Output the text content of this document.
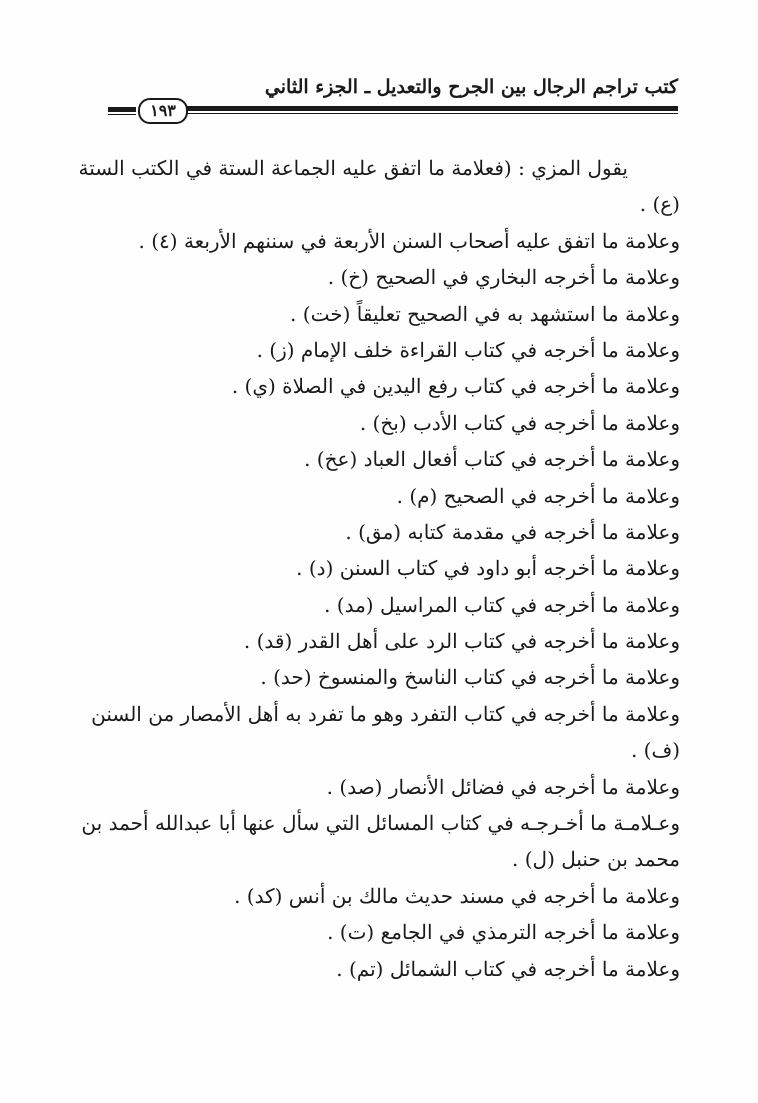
كتب تراجم الرجال بين الجرح والتعديل ـ الجزء الثاني
١٩٣
يقول المزي : (فعلامة ما اتفق عليه الجماعة الستة في الكتب الستة
(ع) .
وعلامة ما اتفق عليه أصحاب السنن الأربعة في سننهم الأربعة (٤) .
وعلامة ما أخرجه البخاري في الصحيح (خ) .
وعلامة ما استشهد به في الصحيح تعليقاً (خت) .
وعلامة ما أخرجه في كتاب القراءة خلف الإمام (ز) .
وعلامة ما أخرجه في كتاب رفع اليدين في الصلاة (ي) .
وعلامة ما أخرجه في كتاب الأدب (بخ) .
وعلامة ما أخرجه في كتاب أفعال العباد (عخ) .
وعلامة ما أخرجه في الصحيح (م) .
وعلامة ما أخرجه في مقدمة كتابه (مق) .
وعلامة ما أخرجه أبو داود في كتاب السنن (د) .
وعلامة ما أخرجه في كتاب المراسيل (مد) .
وعلامة ما أخرجه في كتاب الرد على أهل القدر (قد) .
وعلامة ما أخرجه في كتاب الناسخ والمنسوخ (حد) .
وعلامة ما أخرجه في كتاب التفرد وهو ما تفرد به أهل الأمصار من السنن
(ف) .
وعلامة ما أخرجه في فضائل الأنصار (صد) .
وعـلامـة ما أخـرجـه في كتاب المسائل التي سأل عنها أبا عبدالله أحمد بن
محمد بن حنبل (ل) .
وعلامة ما أخرجه في مسند حديث مالك بن أنس (كد) .
وعلامة ما أخرجه الترمذي في الجامع (ت) .
وعلامة ما أخرجه في كتاب الشمائل (تم) .
